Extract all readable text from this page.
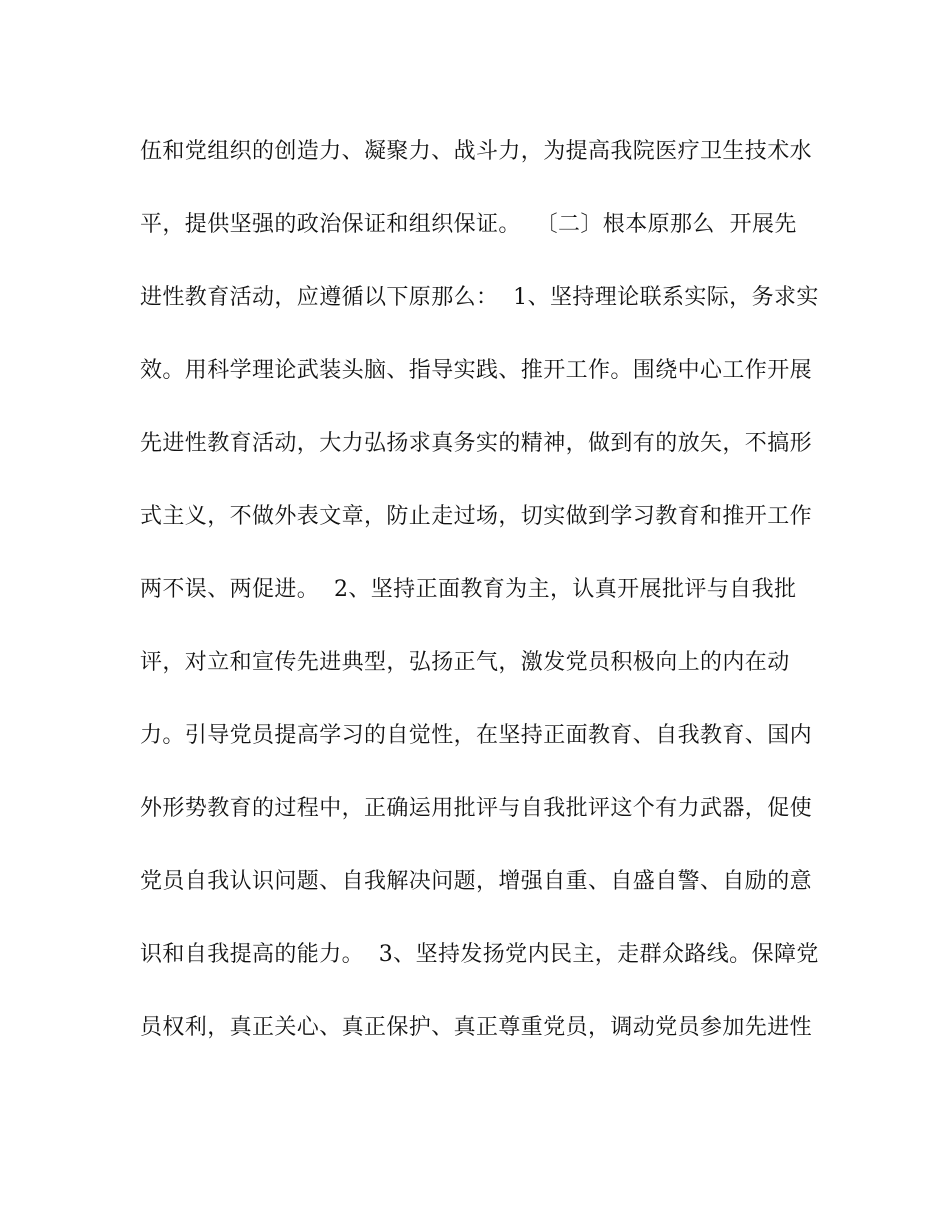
伍和党组织的创造力、凝聚力、战斗力，为提高我院医疗卫生技术水
平，提供坚强的政治保证和组织保证。  〔二〕根本原那么  开展先
进性教育活动，应遵循以下原那么：  1、坚持理论联系实际，务求实
效。用科学理论武装头脑、指导实践、推开工作。围绕中心工作开展
先进性教育活动，大力弘扬求真务实的精神，做到有的放矢，不搞形
式主义，不做外表文章，防止走过场，切实做到学习教育和推开工作
两不误、两促进。  2、坚持正面教育为主，认真开展批评与自我批
评，对立和宣传先进典型，弘扬正气，激发党员积极向上的内在动
力。引导党员提高学习的自觉性，在坚持正面教育、自我教育、国内
外形势教育的过程中，正确运用批评与自我批评这个有力武器，促使
党员自我认识问题、自我解决问题，增强自重、自盛自警、自励的意
识和自我提高的能力。  3、坚持发扬党内民主，走群众路线。保障党
员权利，真正关心、真正保护、真正尊重党员，调动党员参加先进性
